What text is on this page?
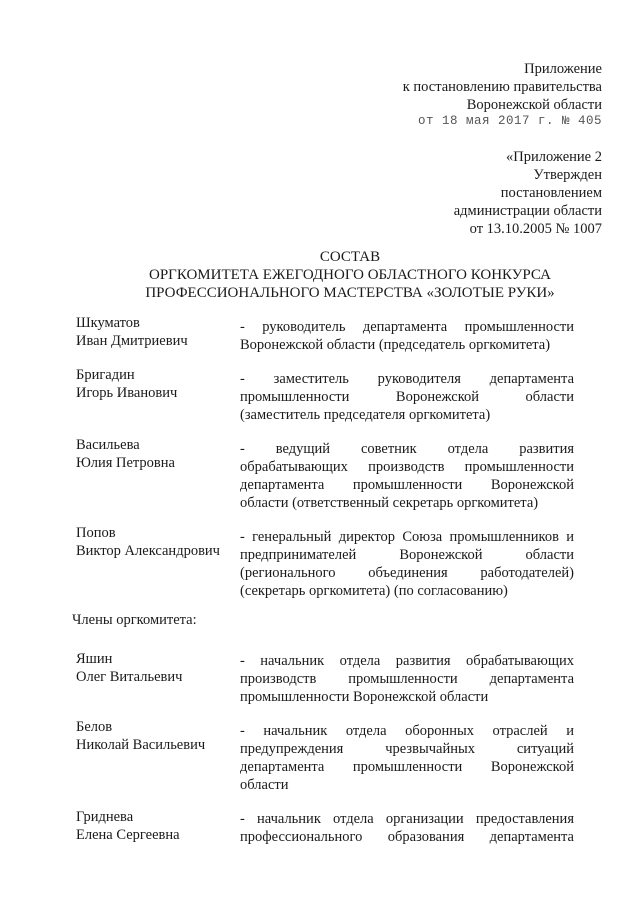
Приложение
к постановлению правительства
Воронежской области
от 18 мая 2017 г. № 405
«Приложение 2
Утвержден
постановлением
администрации области
от 13.10.2005 № 1007
СОСТАВ
ОРГКОМИТЕТА ЕЖЕГОДНОГО ОБЛАСТНОГО КОНКУРСА
ПРОФЕССИОНАЛЬНОГО МАСТЕРСТВА «ЗОЛОТЫЕ РУКИ»
Шкуматов
Иван Дмитриевич
- руководитель департамента промышленности
Воронежской области (председатель оргкомитета)
Бригадин
Игорь Иванович
- заместитель руководителя департамента
промышленности Воронежской области
(заместитель председателя оргкомитета)
Васильева
Юлия Петровна
- ведущий советник отдела развития
обрабатывающих производств промышленности
департамента промышленности Воронежской
области (ответственный секретарь оргкомитета)
Попов
Виктор Александрович
- генеральный директор Союза промышленников и
предпринимателей Воронежской области
(регионального объединения работодателей)
(секретарь оргкомитета) (по согласованию)
Члены оргкомитета:
Яшин
Олег Витальевич
- начальник отдела развития обрабатывающих
производств промышленности департамента
промышленности Воронежской области
Белов
Николай Васильевич
- начальник отдела оборонных отраслей и
предупреждения чрезвычайных ситуаций
департамента промышленности Воронежской
области
Гриднева
Елена Сергеевна
- начальник отдела организации предоставления
профессионального образования департамента
